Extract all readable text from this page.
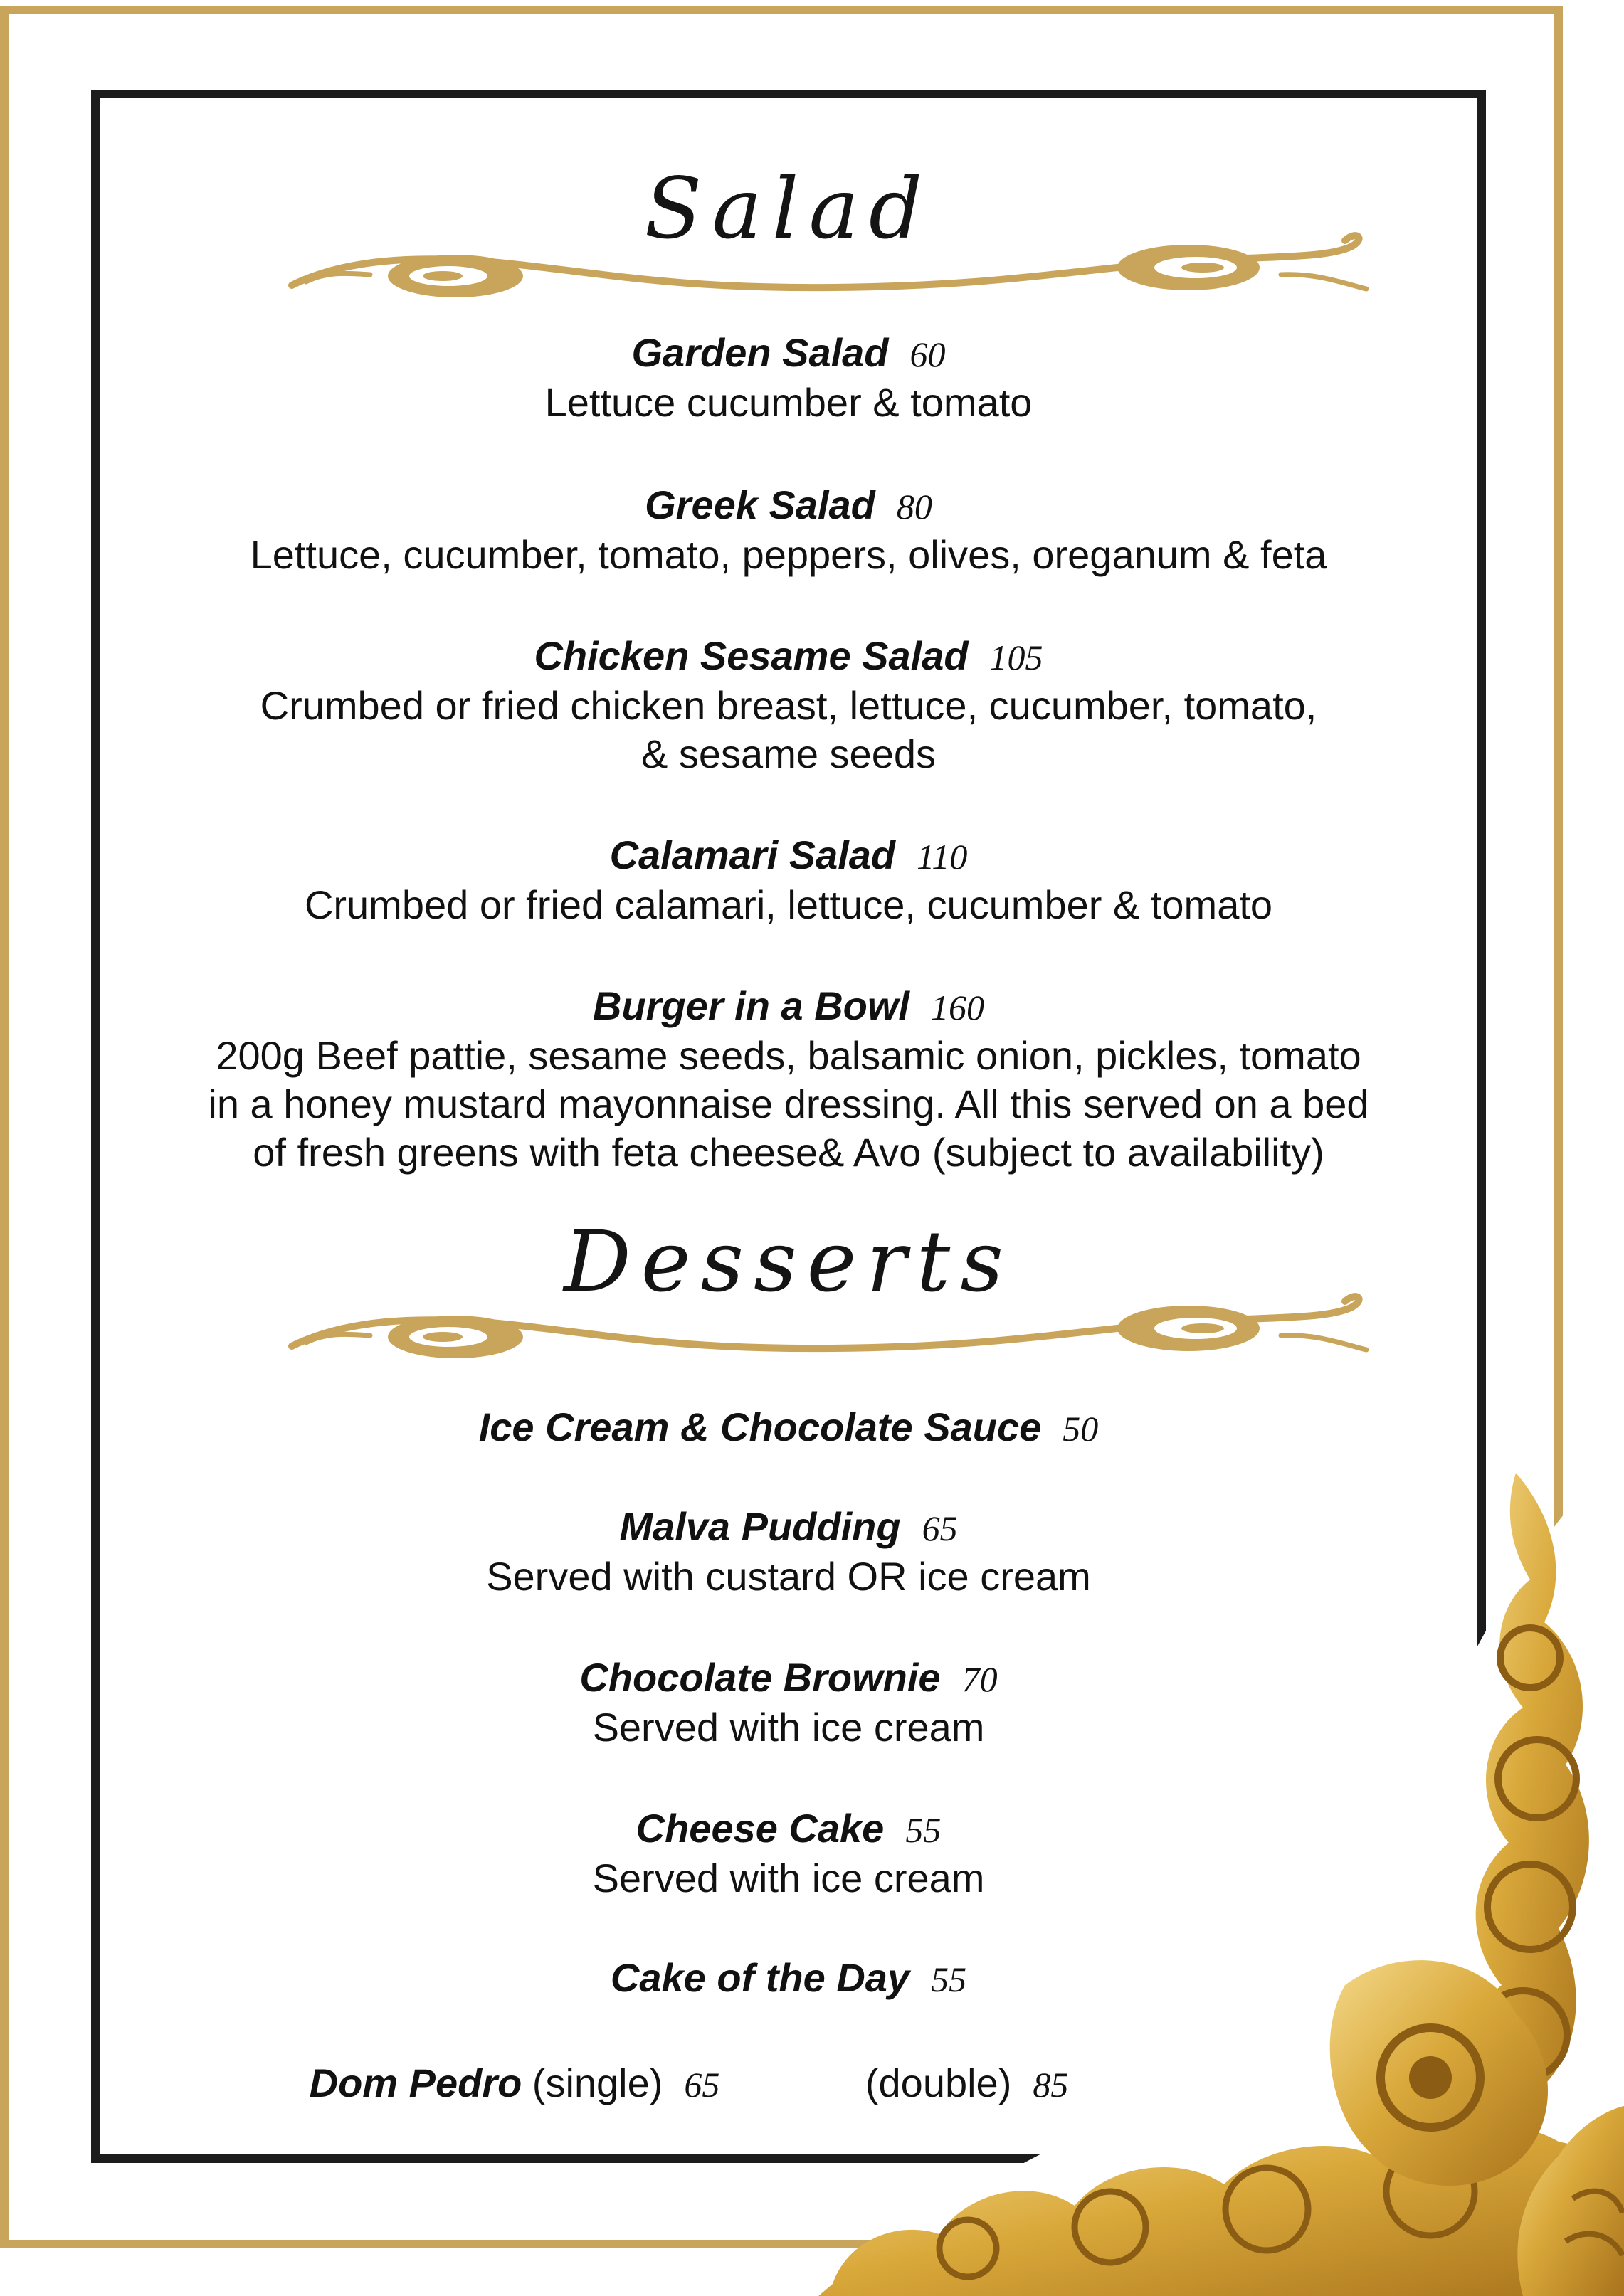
Salad
Garden Salad 60
Lettuce cucumber & tomato
Greek Salad 80
Lettuce, cucumber, tomato, peppers, olives, oreganum & feta
Chicken Sesame Salad 105
Crumbed or fried chicken breast, lettuce, cucumber, tomato,
& sesame seeds
Calamari Salad 110
Crumbed or fried calamari, lettuce, cucumber & tomato
Burger in a Bowl 160
200g Beef pattie, sesame seeds, balsamic onion, pickles, tomato
in a honey mustard mayonnaise dressing. All this served on a bed
of fresh greens with feta cheese& Avo (subject to availability)
Desserts
Ice Cream & Chocolate Sauce 50
Malva Pudding 65
Served with custard OR ice cream
Chocolate Brownie 70
Served with ice cream
Cheese Cake 55
Served with ice cream
Cake of the Day 55
Dom Pedro (single) 65	(double) 85
